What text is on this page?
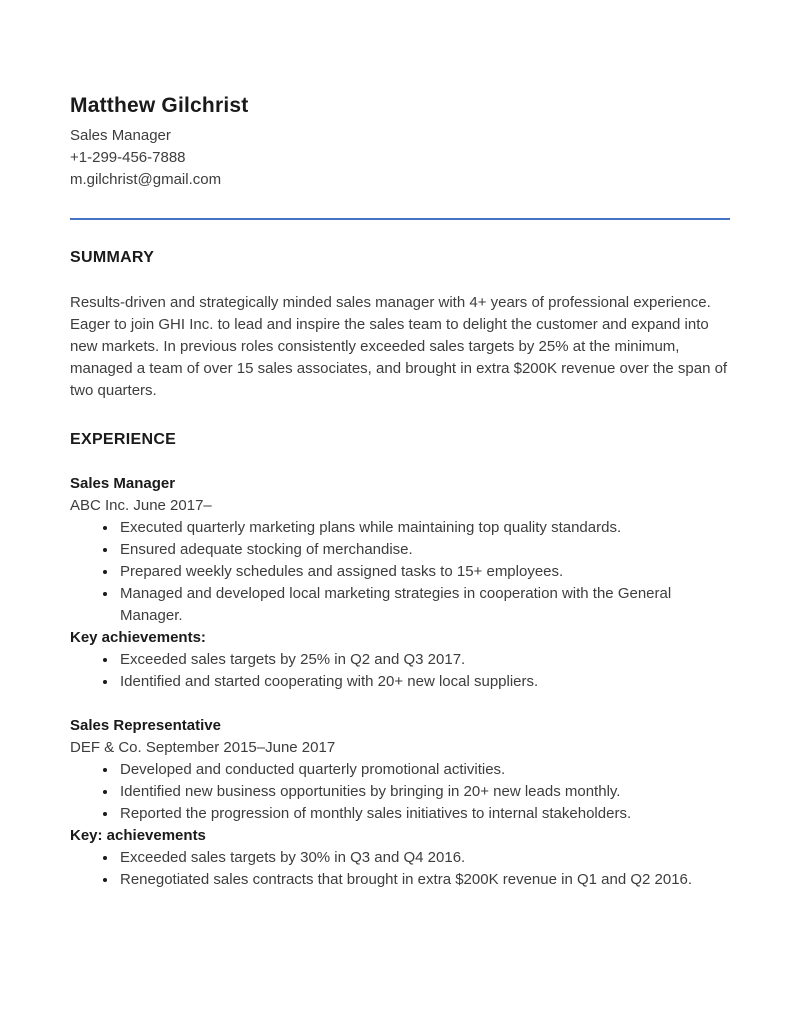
Matthew Gilchrist
Sales Manager
+1-299-456-7888
m.gilchrist@gmail.com
SUMMARY

Results-driven and strategically minded sales manager with 4+ years of professional experience. Eager to join GHI Inc. to lead and inspire the sales team to delight the customer and expand into new markets. In previous roles consistently exceeded sales targets by 25% at the minimum, managed a team of over 15 sales associates, and brought in extra $200K revenue over the span of two quarters.

EXPERIENCE
Sales Manager
ABC Inc. June 2017–
• Executed quarterly marketing plans while maintaining top quality standards.
• Ensured adequate stocking of merchandise.
• Prepared weekly schedules and assigned tasks to 15+ employees.
• Managed and developed local marketing strategies in cooperation with the General Manager.
Key achievements:
• Exceeded sales targets by 25% in Q2 and Q3 2017.
• Identified and started cooperating with 20+ new local suppliers.
Sales Representative
DEF & Co. September 2015–June 2017
• Developed and conducted quarterly promotional activities.
• Identified new business opportunities by bringing in 20+ new leads monthly.
• Reported the progression of monthly sales initiatives to internal stakeholders.
Key: achievements
• Exceeded sales targets by 30% in Q3 and Q4 2016.
• Renegotiated sales contracts that brought in extra $200K revenue in Q1 and Q2 2016.
